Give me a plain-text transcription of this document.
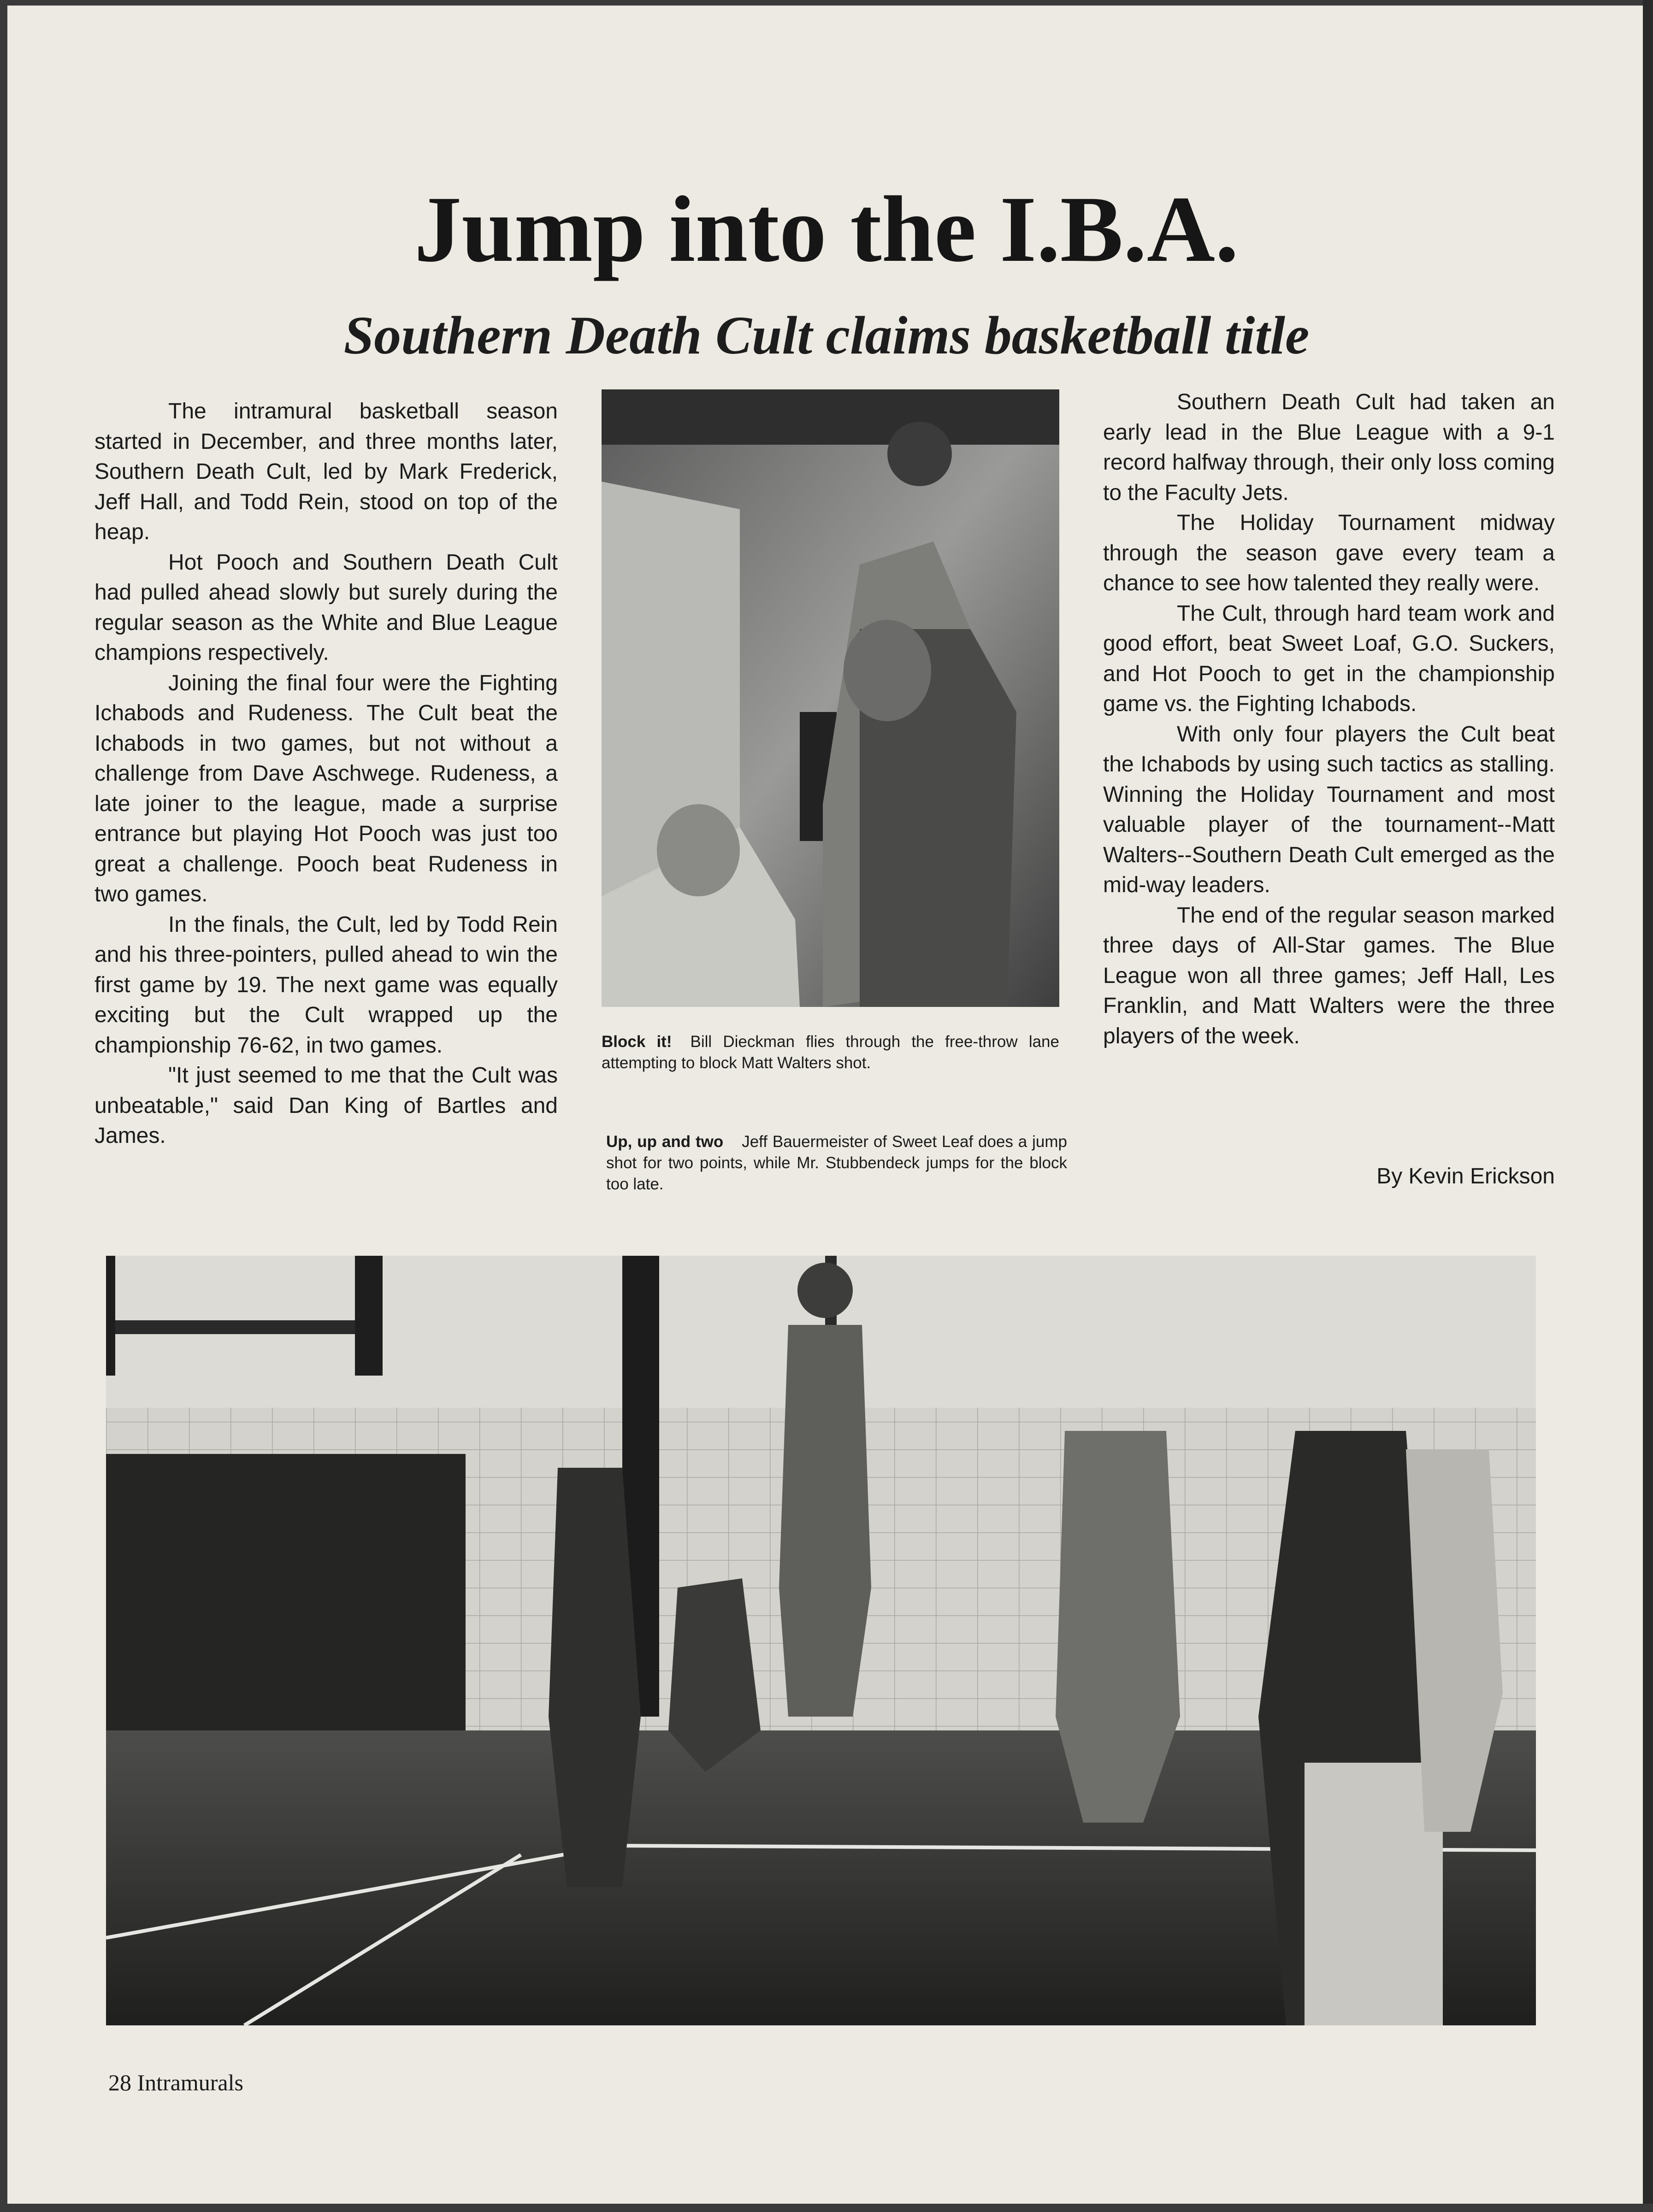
Jump into the I.B.A.
Southern Death Cult claims basketball title

The intramural basketball season started in December, and three months later, Southern Death Cult, led by Mark Frederick, Jeff Hall, and Todd Rein, stood on top of the heap.

Hot Pooch and Southern Death Cult had pulled ahead slowly but surely during the regular season as the White and Blue League champions respectively.

Joining the final four were the Fighting Ichabods and Rudeness. The Cult beat the Ichabods in two games, but not without a challenge from Dave Aschwege. Rudeness, a late joiner to the league, made a surprise entrance but playing Hot Pooch was just too great a challenge. Pooch beat Rudeness in two games.

In the finals, the Cult, led by Todd Rein and his three-pointers, pulled ahead to win the first game by 19. The next game was equally exciting but the Cult wrapped up the championship 76-62, in two games.

"It just seemed to me that the Cult was unbeatable," said Dan King of Bartles and James.

Block it! Bill Dieckman flies through the free-throw lane attempting to block Matt Walters shot.
Up, up and two Jeff Bauermeister of Sweet Leaf does a jump shot for two points, while Mr. Stubbendeck jumps for the block too late.

Southern Death Cult had taken an early lead in the Blue League with a 9-1 record halfway through, their only loss coming to the Faculty Jets.

The Holiday Tournament midway through the season gave every team a chance to see how talented they really were.

The Cult, through hard team work and good effort, beat Sweet Loaf, G.O. Suckers, and Hot Pooch to get in the championship game vs. the Fighting Ichabods.

With only four players the Cult beat the Ichabods by using such tactics as stalling. Winning the Holiday Tournament and most valuable player of the tournament--Matt Walters--Southern Death Cult emerged as the mid-way leaders.

The end of the regular season marked three days of All-Star games. The Blue League won all three games; Jeff Hall, Les Franklin, and Matt Walters were the three players of the week.

By Kevin Erickson
28 Intramurals
